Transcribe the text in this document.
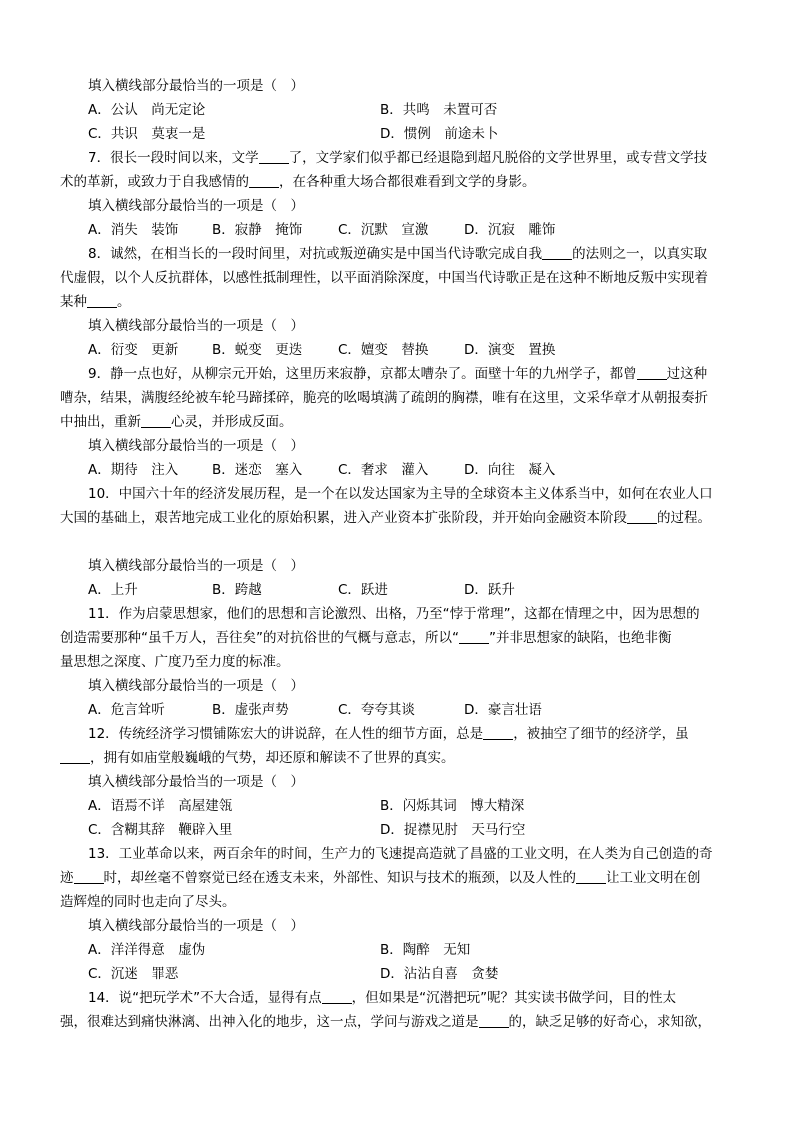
填入横线部分最恰当的一项是（　）
A．公认　尚无定论	B．共鸣　未置可否
C．共识　莫衷一是	D．惯例　前途未卜
7．很长一段时间以来，文学 了，文学家们似乎都已经退隐到超凡脱俗的文学世界里，或专营文学技
术的革新，或致力于自我感情的 ，在各种重大场合都很难看到文学的身影。
填入横线部分最恰当的一项是（　）
A．消失　装饰	B．寂静　掩饰	C．沉默　宣激	D．沉寂　雕饰
8．诚然，在相当长的一段时间里，对抗或叛逆确实是中国当代诗歌完成自我 的法则之一，以真实取
代虚假，以个人反抗群体，以感性抵制理性，以平面消除深度，中国当代诗歌正是在这种不断地反叛中实现着
某种 。
填入横线部分最恰当的一项是（　）
A．衍变　更新	B．蜕变　更迭	C．嬗变　替换	D．演变　置换
9．静一点也好，从柳宗元开始，这里历来寂静，京都太嘈杂了。面壁十年的九州学子，都曾 过这种
嘈杂，结果，满腹经纶被车轮马蹄揉碎，脆亮的吆喝填满了疏朗的胸襟，唯有在这里，文采华章才从朝报奏折
中抽出，重新 心灵，并形成反面。
填入横线部分最恰当的一项是（　）
A．期待　注入	B．迷恋　塞入	C．奢求　灌入	D．向往　凝入
10．中国六十年的经济发展历程，是一个在以发达国家为主导的全球资本主义体系当中，如何在农业人口
大国的基础上，艰苦地完成工业化的原始积累，进入产业资本扩张阶段，并开始向金融资本阶段 的过程。
填入横线部分最恰当的一项是（　）
A．上升	B．跨越	C．跃进	D．跃升
11．作为启蒙思想家，他们的思想和言论激烈、出格，乃至“悖于常理”，这都在情理之中，因为思想的
创造需要那种“虽千万人，吾往矣”的对抗俗世的气概与意志，所以“ ”并非思想家的缺陷，也绝非衡
量思想之深度、广度乃至力度的标准。
填入横线部分最恰当的一项是（　）
A．危言耸听	B．虚张声势	C．夸夸其谈	D．豪言壮语
12．传统经济学习惯铺陈宏大的讲说辞，在人性的细节方面，总是 ，被抽空了细节的经济学，虽
，拥有如庙堂般巍峨的气势，却还原和解读不了世界的真实。
填入横线部分最恰当的一项是（　）
A．语焉不详　高屋建瓴	B．闪烁其词　博大精深
C．含糊其辞　鞭辟入里	D．捉襟见肘　天马行空
13．工业革命以来，两百余年的时间，生产力的飞速提高造就了昌盛的工业文明，在人类为自己创造的奇
迹 时，却丝毫不曾察觉已经在透支未来，外部性、知识与技术的瓶颈，以及人性的 让工业文明在创
造辉煌的同时也走向了尽头。
填入横线部分最恰当的一项是（　）
A．洋洋得意　虚伪	B．陶醉　无知
C．沉迷　罪恶	D．沾沾自喜　贪婪
14．说“把玩学术”不大合适，显得有点 ，但如果是“沉潜把玩”呢？其实读书做学问，目的性太
强，很难达到痛快淋漓、出神入化的地步，这一点，学问与游戏之道是 的，缺乏足够的好奇心，求知欲，
